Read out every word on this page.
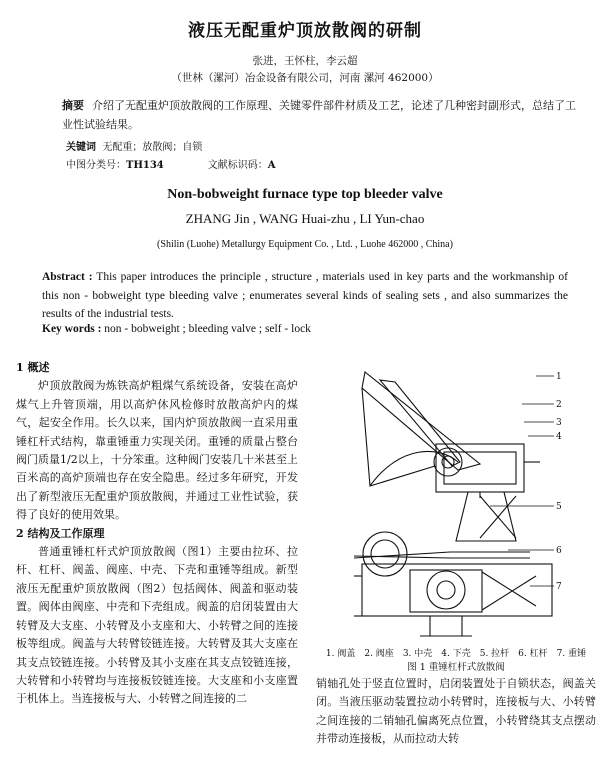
液压无配重炉顶放散阀的研制
张进，王怀柱，李云超
（世林（漯河）冶金设备有限公司，河南 漯河 462000）
摘要 介绍了无配重炉顶放散阀的工作原理、关键零件部件材质及工艺，论述了几种密封副形式，总结了工业性试验结果。
关键词 无配重；放散阀；自锁
中图分类号：TH134	文献标识码：A
Non-bobweight furnace type top bleeder valve
ZHANG Jin , WANG Huai-zhu , LI Yun-chao
(Shilin (Luohe) Metallurgy Equipment Co. , Ltd. , Luohe 462000 , China)
Abstract : This paper introduces the principle , structure , materials used in key parts and the workmanship of this non - bobweight type bleeding valve ; enumerates several kinds of sealing sets , and also summarizes the results of the industrial tests.
Key words : non - bobweight ; bleeding valve ; self - lock
1 概述

炉顶放散阀为炼铁高炉粗煤气系统设备，安装在高炉煤气上升管顶端，用以高炉休风检修时放散高炉内的煤气，起安全作用。长久以来，国内炉顶放散阀一直采用重锤杠杆式结构，靠重锤重力实现关闭。重锤的质量占整台阀门质量1/2以上，十分笨重。这种阀门安装几十米甚至上百米高的高炉顶端也存在安全隐患。经过多年研究，开发出了新型液压无配重炉顶放散阀，并通过工业性试验，获得了良好的使用效果。

2 结构及工作原理

普通重锤杠杆式炉顶放散阀（图1）主要由拉环、拉杆、杠杆、阀盖、阀座、中壳、下壳和重锤等组成。新型液压无配重炉顶放散阀（图2）包括阀体、阀盖和驱动装置。阀体由阀座、中壳和下壳组成。阀盖的启闭装置由大转臂及大支座、小转臂及小支座和大、小转臂之间的连接板等组成。阀盖与大转臂铰链连接。大转臂及其大支座在其支点铰链连接。小转臂及其小支座在其支点铰链连接，大转臂和小转臂均与连接板铰链连接。大支座和小支座置于机体上。当连接板与大、小转臂之间连接的二

1
2
3
4
5
6
7
1. 阀盖 2. 阀座 3. 中壳 4. 下壳 5. 拉杆 6. 杠杆 7. 重锤
图 1 重锤杠杆式放散阀
销轴孔处于竖直位置时，启闭装置处于自锁状态，阀盖关闭。当液压驱动装置拉动小转臂时，连接板与大、小转臂之间连接的二销轴孔偏离死点位置，小转臂绕其支点摆动并带动连接板，从而拉动大转
